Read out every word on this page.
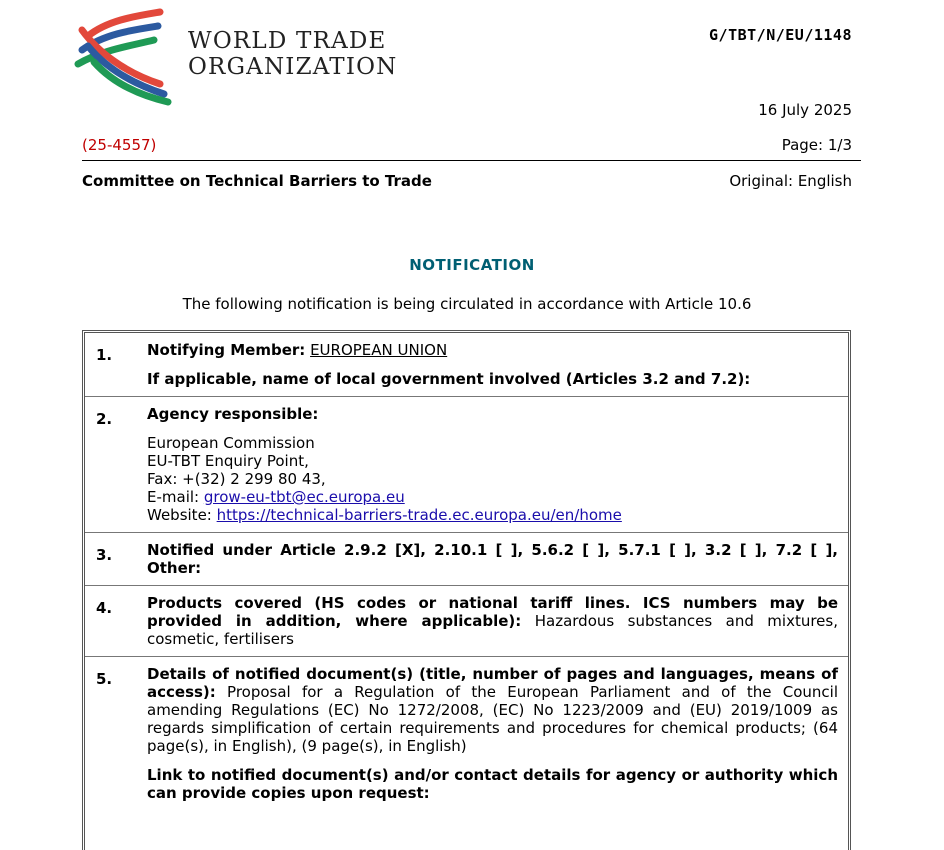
WORLD TRADE
ORGANIZATION
G/TBT/N/EU/1148
16 July 2025
(25-4557)	Page: 1/3
Committee on Technical Barriers to Trade	Original: English
NOTIFICATION
The following notification is being circulated in accordance with Article 10.6
1. Notifying Member: EUROPEAN UNION

If applicable, name of local government involved (Articles 3.2 and 7.2):

2. Agency responsible:

European Commission

EU-TBT Enquiry Point,

Fax: +(32) 2 299 80 43,

E-mail: grow-eu-tbt@ec.europa.eu

Website: https://technical-barriers-trade.ec.europa.eu/en/home

3. Notified under Article 2.9.2 [X], 2.10.1 [ ], 5.6.2 [ ], 5.7.1 [ ], 3.2 [ ], 7.2 [ ], Other:

4. Products covered (HS codes or national tariff lines. ICS numbers may be provided in addition, where applicable): Hazardous substances and mixtures, cosmetic, fertilisers

5. Details of notified document(s) (title, number of pages and languages, means of access): Proposal for a Regulation of the European Parliament and of the Council amending Regulations (EC) No 1272/2008, (EC) No 1223/2009 and (EU) 2019/1009 as regards simplification of certain requirements and procedures for chemical products; (64 page(s), in English), (9 page(s), in English)

Link to notified document(s) and/or contact details for agency or authority which can provide copies upon request:
